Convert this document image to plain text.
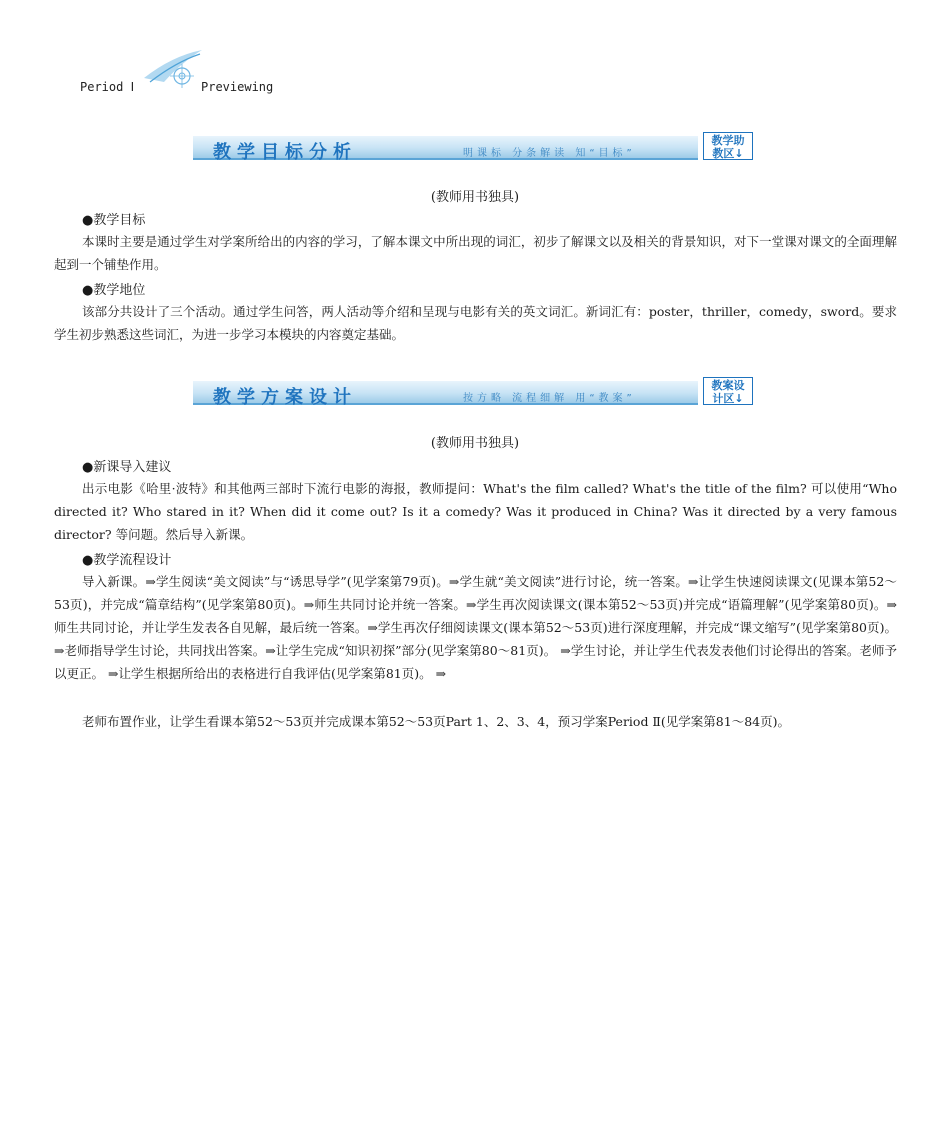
Period Ⅰ	Previewing
教学目标分析	明课标 分条解读 知“目标”
教学助
教区↓
(教师用书独具)
●教学目标
本课时主要是通过学生对学案所给出的内容的学习，了解本课文中所出现的词汇，初步了解课文以及相关的背景知识，对下一堂课对课文的全面理解起到一个铺垫作用。
●教学地位
该部分共设计了三个活动。通过学生问答，两人活动等介绍和呈现与电影有关的英文词汇。新词汇有：poster，thriller，comedy，sword。要求学生初步熟悉这些词汇，为进一步学习本模块的内容奠定基础。
教学方案设计	按方略 流程细解 用“教案”
教案设
计区↓
(教师用书独具)
●新课导入建议
出示电影《哈里·波特》和其他两三部时下流行电影的海报，教师提问：What's the film called? What's the title of the film? 可以使用“Who directed it? Who stared in it? When did it come out? Is it a comedy? Was it produced in China? Was it directed by a very famous director? 等问题。然后导入新课。
●教学流程设计
导入新课。⇒学生阅读“美文阅读”与“诱思导学”(见学案第79页)。⇒学生就“美文阅读”进行讨论，统一答案。⇒让学生快速阅读课文(见课本第52～53页)，并完成“篇章结构”(见学案第80页)。⇒师生共同讨论并统一答案。⇒学生再次阅读课文(课本第52～53页)并完成“语篇理解”(见学案第80页)。⇒师生共同讨论，并让学生发表各自见解，最后统一答案。⇒学生再次仔细阅读课文(课本第52～53页)进行深度理解，并完成“课文缩写”(见学案第80页)。⇒老师指导学生讨论，共同找出答案。⇒让学生完成“知识初探”部分(见学案第80～81页)。 ⇒学生讨论，并让学生代表发表他们讨论得出的答案。老师予以更正。 ⇒让学生根据所给出的表格进行自我评估(见学案第81页)。 ⇒
老师布置作业，让学生看课本第52～53页并完成课本第52～53页Part 1、2、3、4，预习学案Period Ⅱ(见学案第81～84页)。
